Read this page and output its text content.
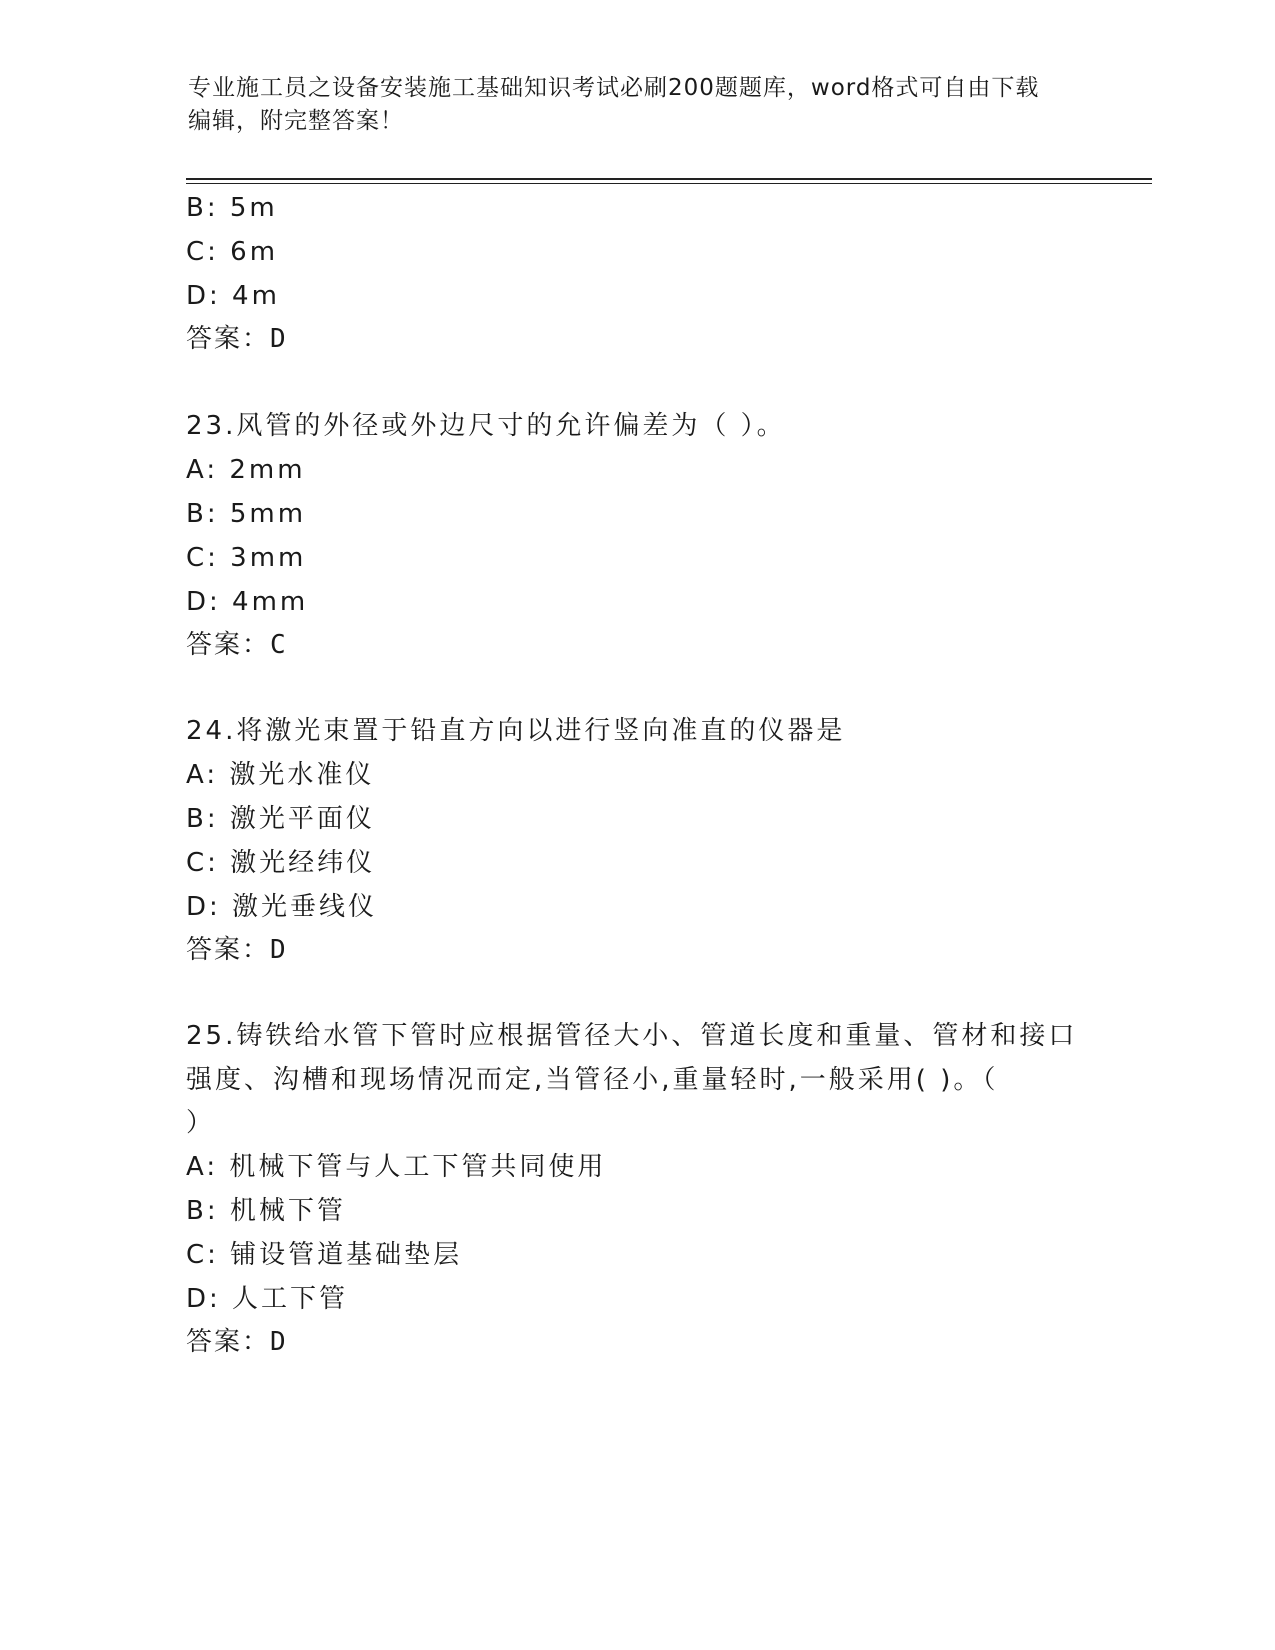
专业施工员之设备安装施工基础知识考试必刷200题题库，word格式可自由下载
编辑，附完整答案！
B: 5m
C: 6m
D: 4m
答案：D
23.风管的外径或外边尺寸的允许偏差为（ ）。
A: 2mm
B: 5mm
C: 3mm
D: 4mm
答案：C
24.将激光束置于铅直方向以进行竖向准直的仪器是
A: 激光水准仪
B: 激光平面仪
C: 激光经纬仪
D: 激光垂线仪
答案：D
25.铸铁给水管下管时应根据管径大小、管道长度和重量、管材和接口
强度、沟槽和现场情况而定,当管径小,重量轻时,一般采用( )。（
）
A: 机械下管与人工下管共同使用
B: 机械下管
C: 铺设管道基础垫层
D: 人工下管
答案：D
